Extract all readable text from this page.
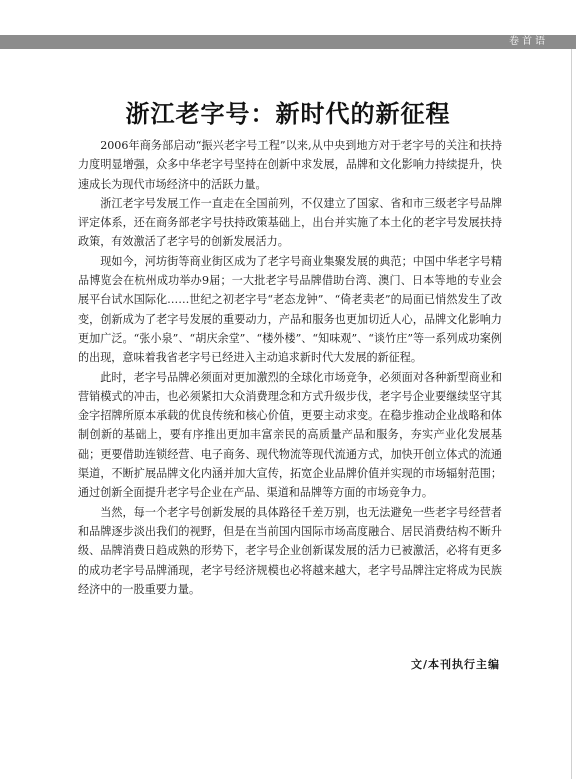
卷首语
浙江老字号：新时代的新征程

2006年商务部启动“振兴老字号工程”以来,从中央到地方对于老字号的关注和扶持力度明显增强，众多中华老字号坚持在创新中求发展，品牌和文化影响力持续提升，快速成长为现代市场经济中的活跃力量。

浙江老字号发展工作一直走在全国前列，不仅建立了国家、省和市三级老字号品牌评定体系，还在商务部老字号扶持政策基础上，出台并实施了本土化的老字号发展扶持政策，有效激活了老字号的创新发展活力。

现如今，河坊街等商业街区成为了老字号商业集聚发展的典范；中国中华老字号精品博览会在杭州成功举办9届；一大批老字号品牌借助台湾、澳门、日本等地的专业会展平台试水国际化……世纪之初老字号“老态龙钟”、“倚老卖老”的局面已悄然发生了改变，创新成为了老字号发展的重要动力，产品和服务也更加切近人心，品牌文化影响力更加广泛。“张小泉”、“胡庆余堂”、“楼外楼”、“知味观”、“谈竹庄”等一系列成功案例的出现，意味着我省老字号已经进入主动追求新时代大发展的新征程。

此时，老字号品牌必须面对更加激烈的全球化市场竞争，必须面对各种新型商业和营销模式的冲击，也必须紧扣大众消费理念和方式升级步伐，老字号企业要继续坚守其金字招牌所原本承载的优良传统和核心价值，更要主动求变。在稳步推动企业战略和体制创新的基础上，要有序推出更加丰富亲民的高质量产品和服务，夯实产业化发展基础；更要借助连锁经营、电子商务、现代物流等现代流通方式，加快开创立体式的流通渠道，不断扩展品牌文化内涵并加大宣传，拓宽企业品牌价值并实现的市场辐射范围；通过创新全面提升老字号企业在产品、渠道和品牌等方面的市场竞争力。

当然，每一个老字号创新发展的具体路径千差万别，也无法避免一些老字号经营者和品牌逐步淡出我们的视野，但是在当前国内国际市场高度融合、居民消费结构不断升级、品牌消费日趋成熟的形势下，老字号企业创新谋发展的活力已被激活，必将有更多的成功老字号品牌涌现，老字号经济规模也必将越来越大，老字号品牌注定将成为民族经济中的一股重要力量。

文/本刊执行主编
